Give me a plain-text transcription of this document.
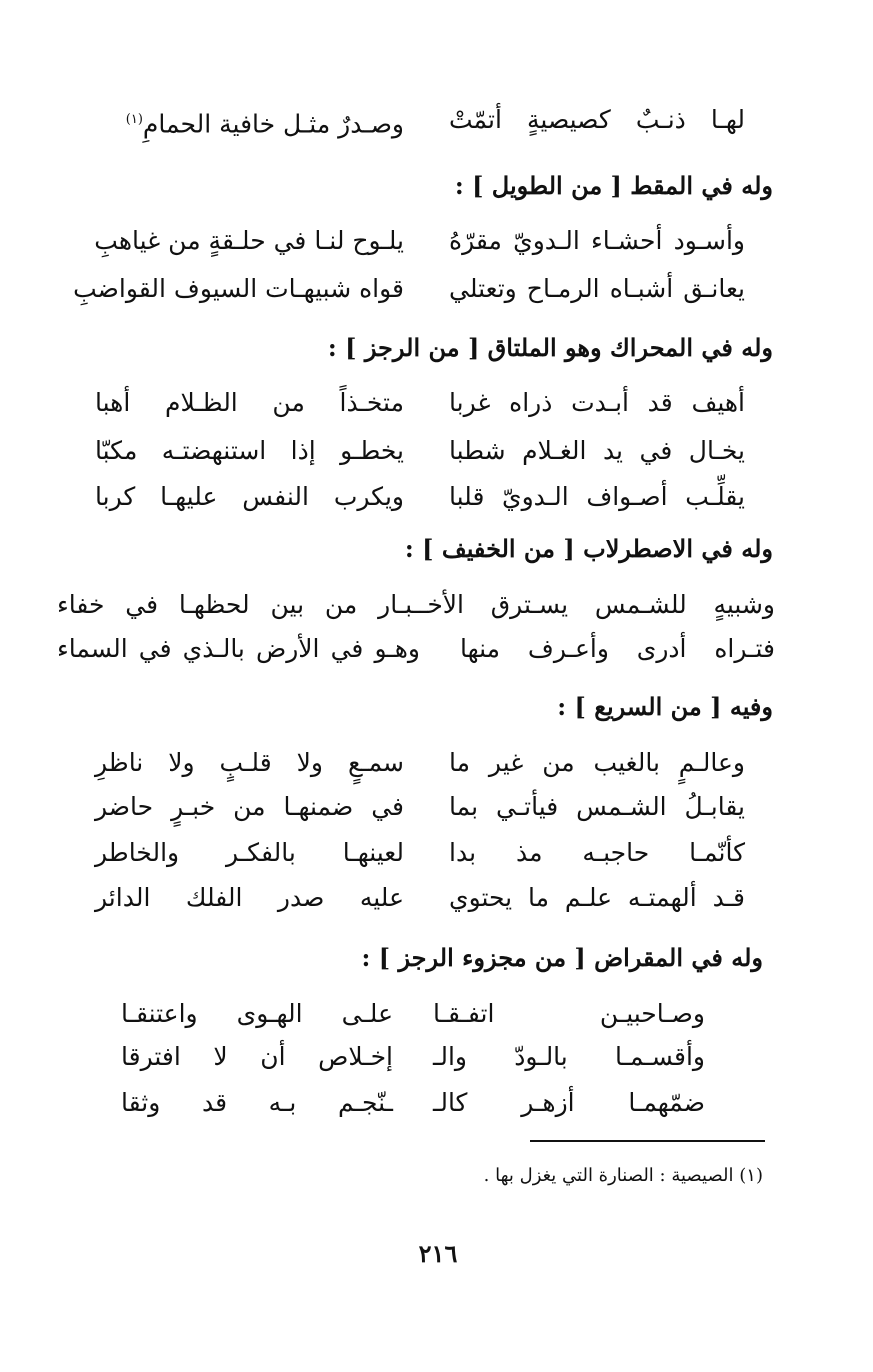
لهـا ذنـبٌ كصيصيةٍ أتمّتْ
وصـدرٌ مثـل خافية الحمامِ$^{(١)}$
وله في المقط [ من الطويل ] :
وأسـود أحشـاء الـدويّ مقرّهُ
يلـوح لنـا في حلـقةٍ من غياهبِ
يعانـق أشبـاه الرمـاح وتعتلي
قواه شبيهـات السيوف القواضبِ
وله في المحراك وهو الملتاق [ من الرجز ] :
أهيف قد أبـدت ذراه غربا
متخـذاً من الظـلام أهبا
يخـال في يد الغـلام شطبا
يخطـو إذا استنهضتـه مكبّا
يقلِّـب أصـواف الـدويّ قلبا
ويكرب النفس عليهـا كربا
وله في الاصطرلاب [ من الخفيف ] :
وشبيهٍ للشـمس يسـترق الأخـ
ـبـار من بين لحظهـا في خفاء
فتـراه أدرى وأعـرف منها
وهـو في الأرض بالـذي في السماء
وفيه [ من السريع ] :
وعالـمٍ بالغيب من غير ما
سمـعٍ ولا قلـبٍ ولا ناظرِ
يقابـلُ الشـمس فيأتـي بما
في ضمنهـا من خبـرٍ حاضر
كأنّمـا حاجبـه مذ بدا
لعينهـا بالفكـر والخاطر
قـد ألهمتـه علـم ما يحتوي
عليه صدر الفلك الدائر
وله في المقراض [ من مجزوء الرجز ] :
وصـاحبيـن اتفـقـا
علـى الهـوى واعتنقـا
وأقسـمـا بالـودّ والـ
إخـلاص أن لا افترقا
ضمّهمـا أزهـر كالـ
ـنّجـم بـه قد وثقا
(١) الصيصية : الصنارة التي يغزل بها .
٢١٦
